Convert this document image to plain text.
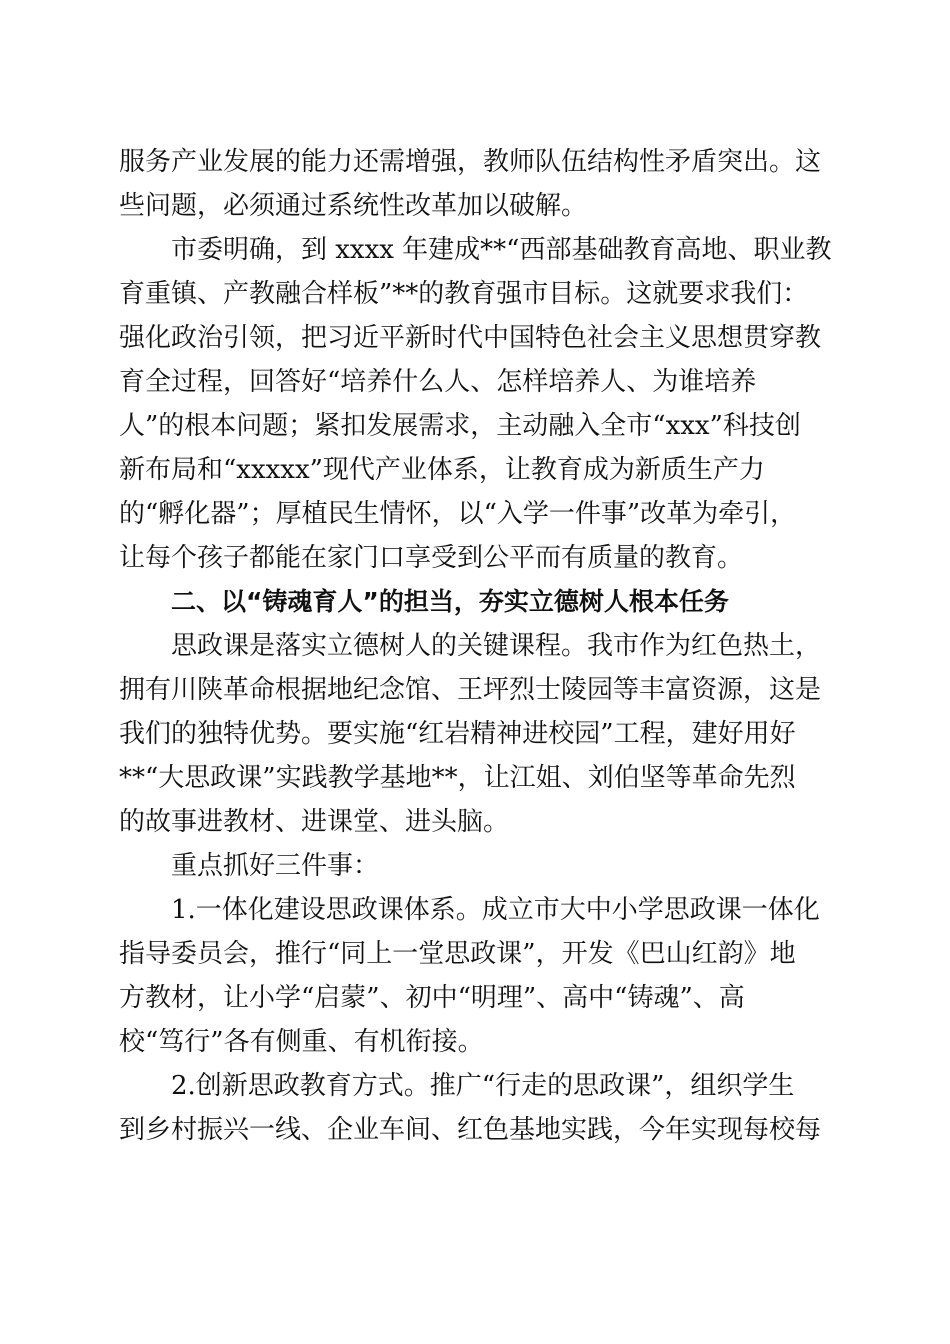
服务产业发展的能力还需增强，教师队伍结构性矛盾突出。这
些问题，必须通过系统性改革加以破解。
市委明确，到 xxxx 年建成**“西部基础教育高地、职业教
育重镇、产教融合样板”**的教育强市目标。这就要求我们：
强化政治引领，把习近平新时代中国特色社会主义思想贯穿教
育全过程，回答好“培养什么人、怎样培养人、为谁培养
人”的根本问题；紧扣发展需求，主动融入全市“xxx”科技创
新布局和“xxxxx”现代产业体系，让教育成为新质生产力
的“孵化器”；厚植民生情怀，以“入学一件事”改革为牵引，
让每个孩子都能在家门口享受到公平而有质量的教育。
二、以“铸魂育人”的担当，夯实立德树人根本任务
思政课是落实立德树人的关键课程。我市作为红色热土，
拥有川陕革命根据地纪念馆、王坪烈士陵园等丰富资源，这是
我们的独特优势。要实施“红岩精神进校园”工程，建好用好
**“大思政课”实践教学基地**，让江姐、刘伯坚等革命先烈
的故事进教材、进课堂、进头脑。
重点抓好三件事：
1.一体化建设思政课体系。成立市大中小学思政课一体化
指导委员会，推行“同上一堂思政课”，开发《巴山红韵》地
方教材，让小学“启蒙”、初中“明理”、高中“铸魂”、高
校“笃行”各有侧重、有机衔接。
2.创新思政教育方式。推广“行走的思政课”，组织学生
到乡村振兴一线、企业车间、红色基地实践，今年实现每校每
